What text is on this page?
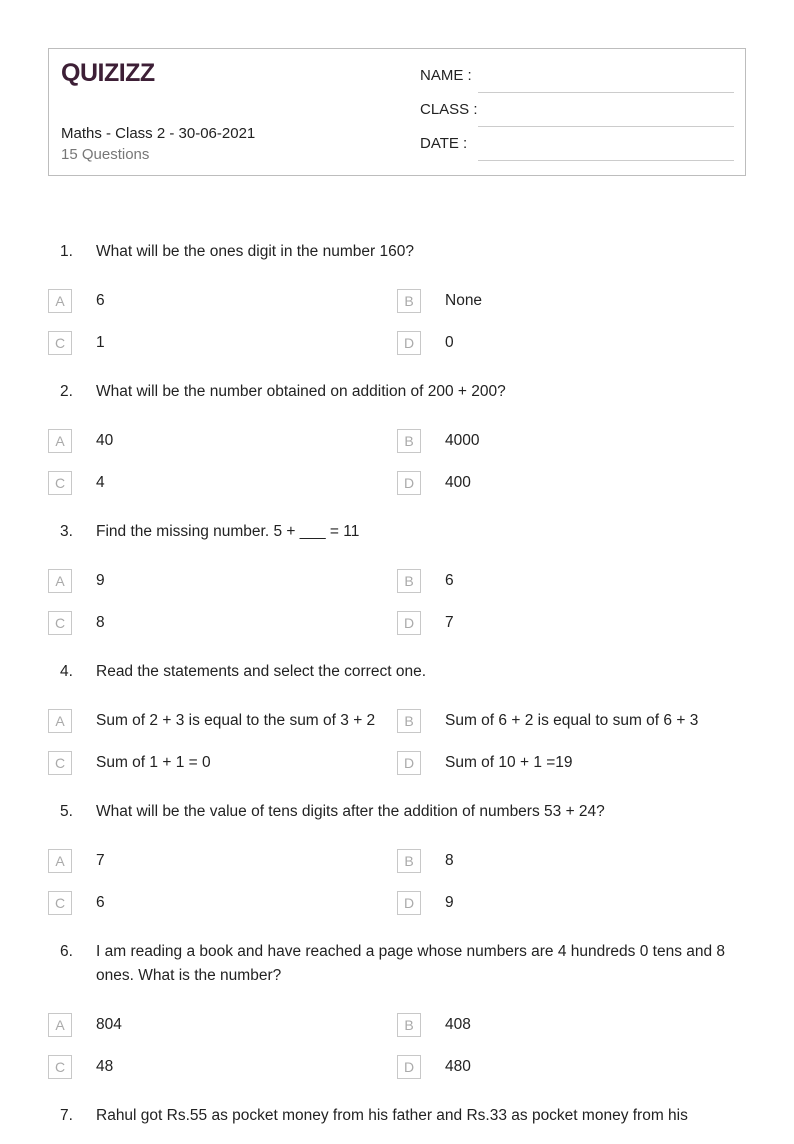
QUIZIZZ
Maths - Class 2 - 30-06-2021
15 Questions
NAME :
CLASS :
DATE :
1. What will be the ones digit in the number 160?
A	6	B	None
C	1	D	0
2. What will be the number obtained on addition of 200 + 200?
A	40	B	4000
C	4	D	400
3. Find the missing number. 5 + ___ = 11
A	9	B	6
C	8	D	7
4. Read the statements and select the correct one.
A	Sum of 2 + 3 is equal to the sum of 3 + 2	B	Sum of 6 + 2 is equal to sum of 6 + 3
C	Sum of 1 + 1 = 0	D	Sum of 10 + 1 =19
5. What will be the value of tens digits after the addition of numbers 53 + 24?
A	7	B	8
C	6	D	9
6. I am reading a book and have reached a page whose numbers are 4 hundreds 0 tens and 8 ones. What is the number?
A	804	B	408
C	48	D	480
7. Rahul got Rs.55 as pocket money from his father and Rs.33 as pocket money from his
